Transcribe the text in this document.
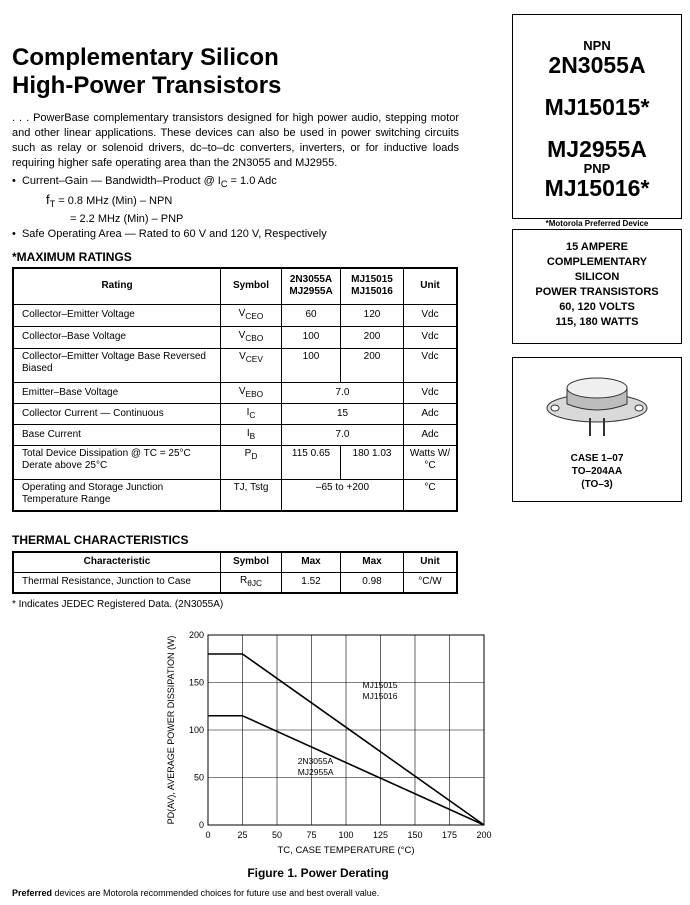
Complementary Silicon
High-Power Transistors

. . . PowerBase complementary transistors designed for high power audio, stepping motor and other linear applications. These devices can also be used in power switching circuits such as relay or solenoid drivers, dc–to–dc converters, inverters, or for inductive loads requiring higher safe operating area than the 2N3055 and MJ2955.

•  Current–Gain — Bandwidth–Product @ $I_C = 1.0$ Adc
$f_T = 0.8$ MHz (Min) – NPN
= 2.2 MHz (Min) – PNP
•  Safe Operating Area — Rated to 60 V and 120 V, Respectively

*MAXIMUM RATINGS

Rating	Symbol	2N3055A MJ2955A	MJ15015 MJ15016	Unit
Collector–Emitter Voltage	$V_{CEO}$	60	120	Vdc
Collector–Base Voltage	$V_{CBO}$	100	200	Vdc
Collector–Emitter Voltage Base Reversed Biased	$V_{CEV}$	100	200	Vdc
Emitter–Base Voltage	$V_{EBO}$	7.0		Vdc
Collector Current — Continuous	$I_C$	15		Adc
Base Current	$I_B$	7.0		Adc
Total Device Dissipation @ TC = 25°C Derate above 25°C	$P_D$	115 0.65	180 1.03	Watts W/°C
Operating and Storage Junction Temperature Range	TJ, Tstg	–65 to +200		°C

THERMAL CHARACTERISTICS

Characteristic	Symbol	Max	Max	Unit
Thermal Resistance, Junction to Case	$R_{\theta JC}$	1.52	0.98	°C/W
* Indicates JEDEC Registered Data. (2N3055A)
NPN
2N3055A
MJ15015*
MJ2955A
PNP
MJ15016*
*Motorola Preferred Device
15 AMPERE
COMPLEMENTARY
SILICON
POWER TRANSISTORS
60, 120 VOLTS
115, 180 WATTS
CASE 1–07
TO–204AA
(TO–3)
0	25	50	75 100 125 150 175 200
0
50
100
150
200
MJ15015
MJ15016
2N3055A
MJ2955A
TC, CASE TEMPERATURE (°C)
PD(AV), AVERAGE POWER DISSIPATION (W)
Figure 1. Power Derating
Preferred devices are Motorola recommended choices for future use and best overall value.
